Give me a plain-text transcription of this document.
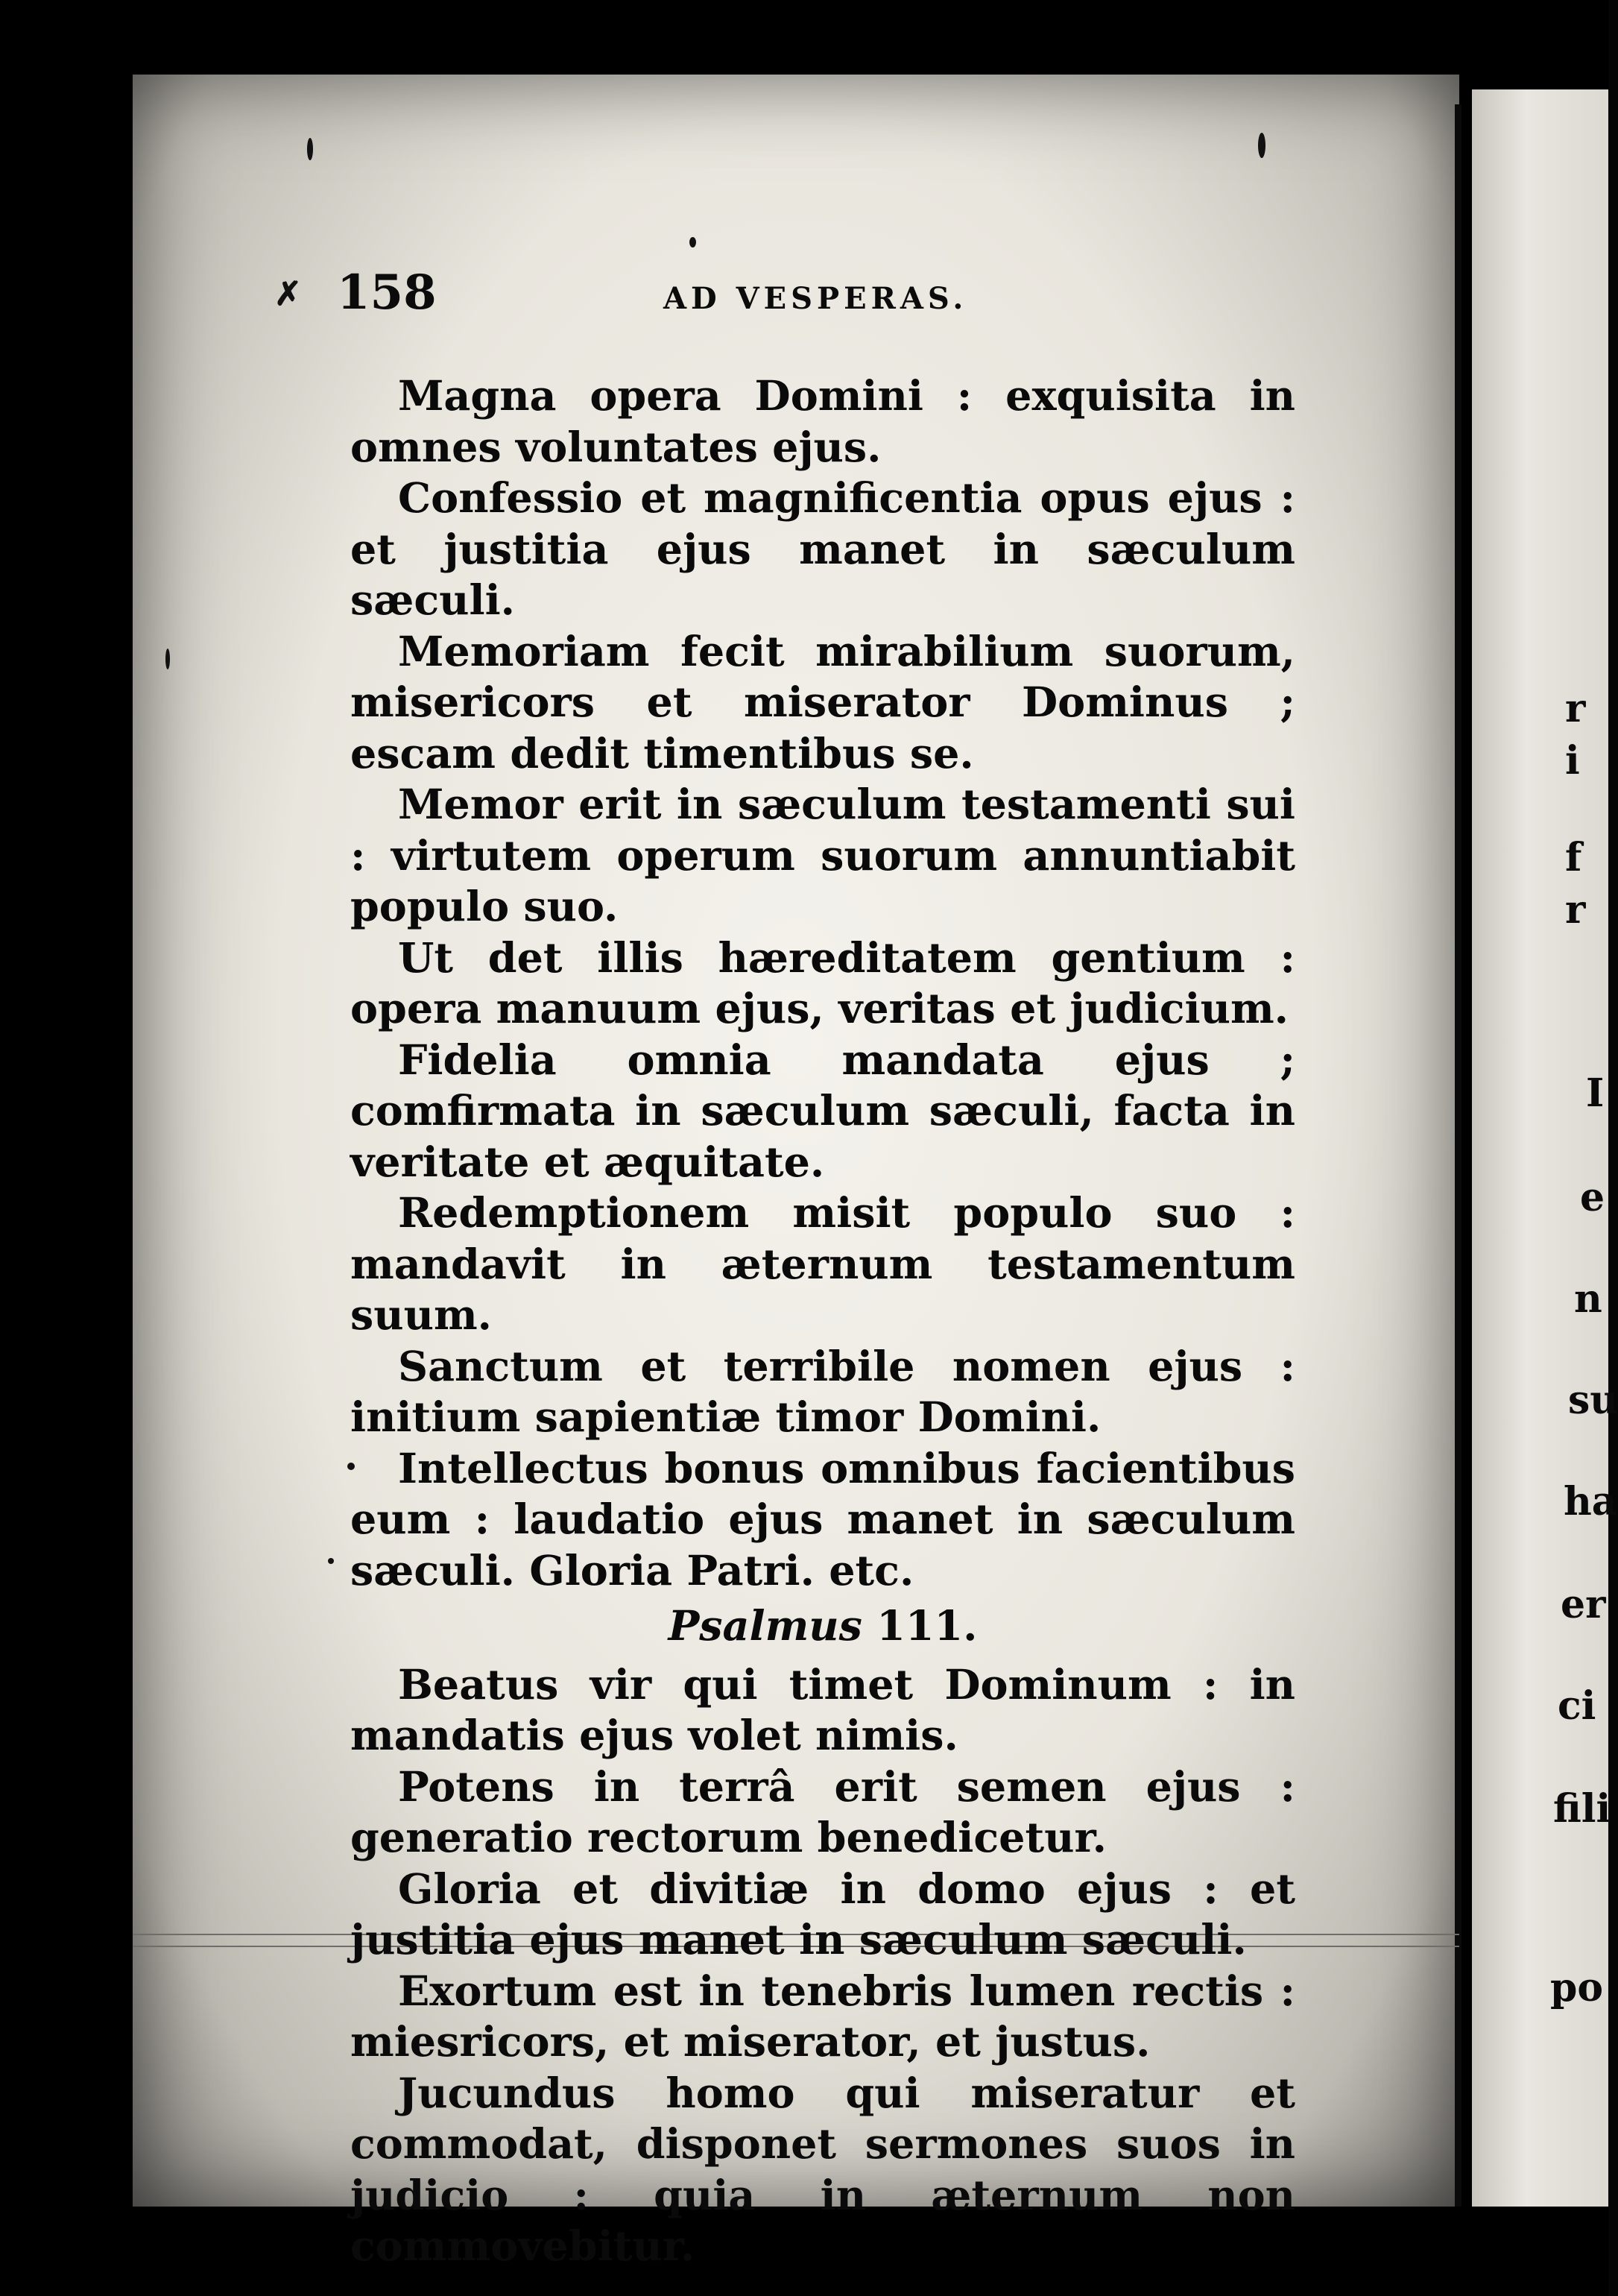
✗ 158	AD VESPERAS.

Magna opera Domini : exquisita in omnes voluntates ejus.

Confessio et magnificentia opus ejus : et justitia ejus manet in sæculum sæculi.

Memoriam fecit mirabilium suorum, misericors et miserator Dominus ; escam dedit timentibus se.

Memor erit in sæculum testamenti sui : virtutem operum suorum annuntiabit populo suo.

Ut det illis hæreditatem gentium : opera manuum ejus, veritas et judicium.

Fidelia omnia mandata ejus ; comfirmata in sæculum sæculi, facta in veritate et æquitate.

Redemptionem misit populo suo : mandavit in æternum testamentum suum.

Sanctum et terribile nomen ejus : initium sapientiæ timor Domini.

Intellectus bonus omnibus facientibus eum : laudatio ejus manet in sæculum sæculi. Gloria Patri. etc.

Psalmus 111.

Beatus vir qui timet Dominum : in mandatis ejus volet nimis.

Potens in terrâ erit semen ejus : generatio rectorum benedicetur.

Gloria et divitiæ in domo ejus : et justitia ejus manet in sæculum sæculi.

Exortum est in tenebris lumen rectis : miesricors, et miserator, et justus.

Jucundus homo qui miseratur et commodat, disponet sermones suos in judicio : quia in æternum non commovebitur.

r
i
f
r
I
e
n
su
ha
er
ci
fili
po
